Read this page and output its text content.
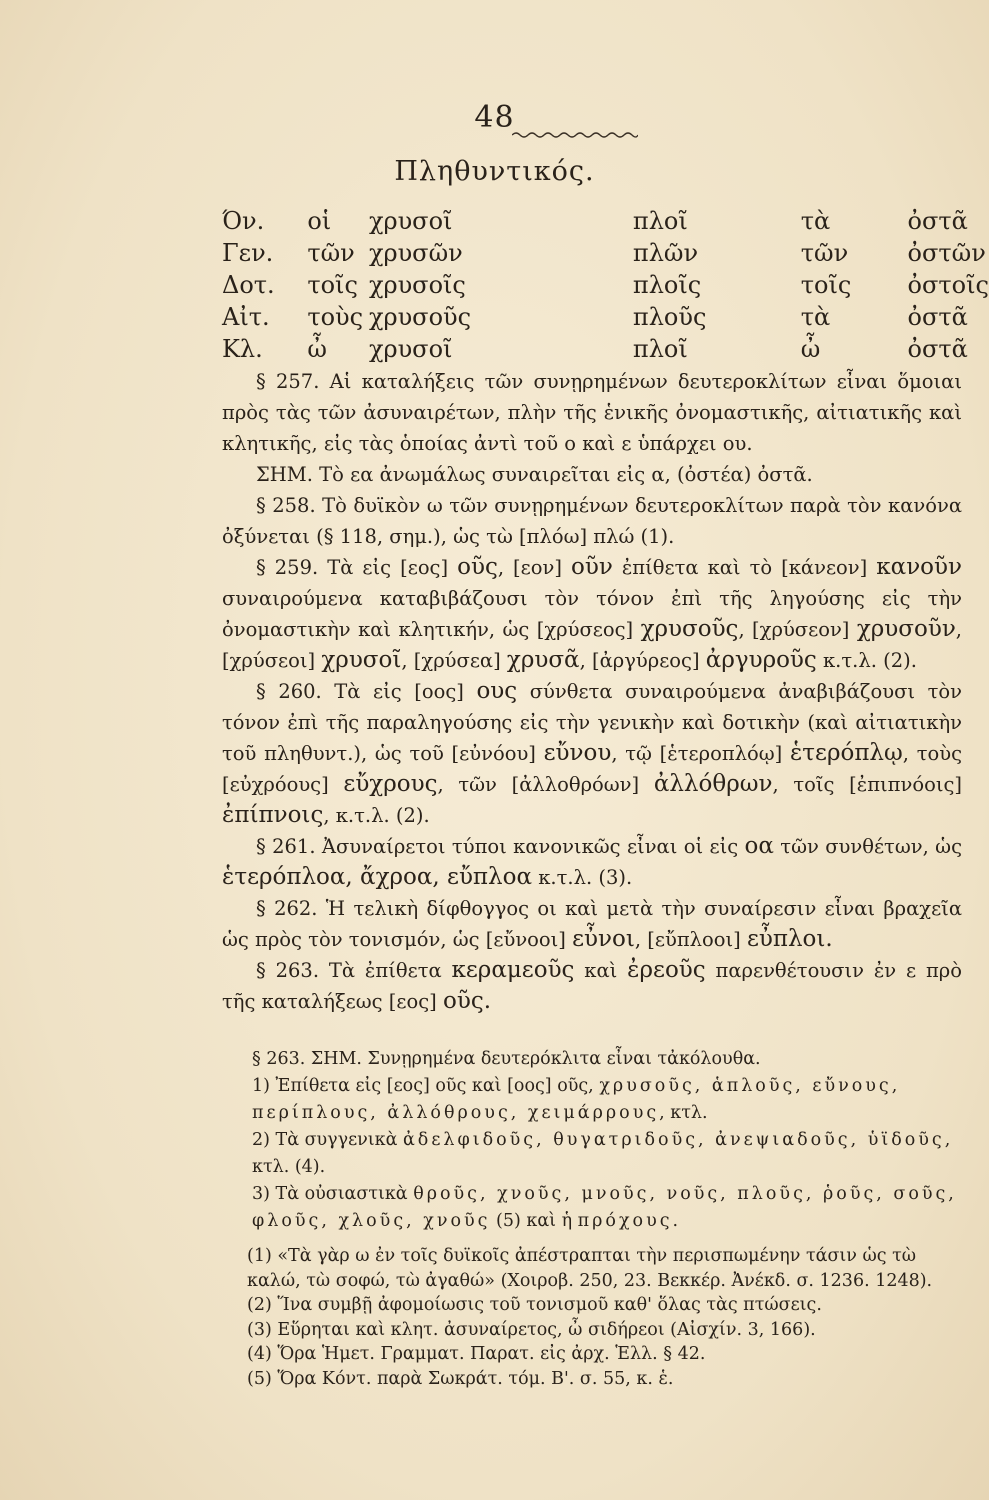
48
Πληθυντικός.
Όν.	οἱ	χρυσοῖ	πλοῖ	τὰ	ὀστᾶ
Γεν.	τῶν	χρυσῶν	πλῶν	τῶν	ὀστῶν
Δοτ.	τοῖς	χρυσοῖς	πλοῖς	τοῖς	ὀστοῖς
Αἰτ.	τοὺς	χρυσοῦς	πλοῦς	τὰ	ὀστᾶ
Κλ.	ὦ	χρυσοῖ	πλοῖ	ὦ	ὀστᾶ

§ 257. Αἱ καταλήξεις τῶν συνῃρημένων δευτεροκλίτων εἶναι ὅμοιαι πρὸς τὰς τῶν ἀσυναιρέτων, πλὴν τῆς ἑνικῆς ὀνομαστικῆς, αἰτιατικῆς καὶ κλητικῆς, εἰς τὰς ὁποίας ἀντὶ τοῦ ο καὶ ε ὑπάρχει ου.

ΣΗΜ. Τὸ εα ἀνωμάλως συναιρεῖται εἰς α, (ὀστέα) ὀστᾶ.

§ 258. Τὸ δυϊκὸν ω τῶν συνῃρημένων δευτεροκλίτων παρὰ τὸν κανόνα ὀξύνεται (§ 118, σημ.), ὡς τὼ [πλόω] πλώ (1).

§ 259. Τὰ εἰς [εος] οῦς, [εον] οῦν ἐπίθετα καὶ τὸ [κάνεον] κανοῦν συναιρούμενα καταβιβάζουσι τὸν τόνον ἐπὶ τῆς ληγούσης εἰς τὴν ὀνομαστικὴν καὶ κλητικήν, ὡς [χρύσεος] χρυσοῦς, [χρύσεον] χρυσοῦν, [χρύσεοι] χρυσοῖ, [χρύσεα] χρυσᾶ, [ἀργύρεος] ἀργυροῦς κ.τ.λ. (2).

§ 260. Τὰ εἰς [οος] ους σύνθετα συναιρούμενα ἀναβιβάζουσι τὸν τόνον ἐπὶ τῆς παραληγούσης εἰς τὴν γενικὴν καὶ δοτικὴν (καὶ αἰτιατικὴν τοῦ πληθυντ.), ὡς τοῦ [εὐνόου] εὔνου, τῷ [ἑτεροπλόῳ] ἑτερόπλῳ, τοὺς [εὐχρόους] εὔχρους, τῶν [ἀλλοθρόων] ἀλλόθρων, τοῖς [ἐπιπνόοις] ἐπίπνοις, κ.τ.λ. (2).

§ 261. Ἀσυναίρετοι τύποι κανονικῶς εἶναι οἱ εἰς οα τῶν συνθέτων, ὡς ἑτερόπλοα, ἄχροα, εὔπλοα κ.τ.λ. (3).

§ 262. Ἡ τελικὴ δίφθογγος οι καὶ μετὰ τὴν συναίρεσιν εἶναι βραχεῖα ὡς πρὸς τὸν τονισμόν, ὡς [εὔνοοι] εὖνοι, [εὔπλοοι] εὖπλοι.

§ 263. Τὰ ἐπίθετα κεραμεοῦς καὶ ἐρεοῦς παρενθέτουσιν ἐν ε πρὸ τῆς καταλήξεως [εος] οῦς.

§ 263. ΣΗΜ. Συνῃρημένα δευτερόκλιτα εἶναι τἀκόλουθα.

1) Ἐπίθετα εἰς [εος] οῦς καὶ [οος] οῦς, χρυσοῦς, ἁπλοῦς, εὔνους, περίπλους, ἀλλόθρους, χειμάρρους, κτλ.

2) Τὰ συγγενικὰ ἀδελφιδοῦς, θυγατριδοῦς, ἀνεψιαδοῦς, ὑϊδοῦς, κτλ. (4).

3) Τὰ οὐσιαστικὰ θροῦς, χνοῦς, μνοῦς, νοῦς, πλοῦς, ῥοῦς, σοῦς, φλοῦς, χλοῦς, χνοῦς (5) καὶ ἡ πρόχους.

(1) «Τὰ γὰρ ω ἐν τοῖς δυϊκοῖς ἀπέστραπται τὴν περισπωμένην τάσιν ὡς τὼ καλώ, τὼ σοφώ, τὼ ἀγαθώ» (Χοιροβ. 250, 23. Βεκκέρ. Ἀνέκδ. σ. 1236. 1248).

(2) Ἵνα συμβῇ ἀφομοίωσις τοῦ τονισμοῦ καθ' ὅλας τὰς πτώσεις.

(3) Εὕρηται καὶ κλητ. ἀσυναίρετος, ὦ σιδήρεοι (Αἰσχίν. 3, 166).

(4) Ὅρα Ἡμετ. Γραμματ. Παρατ. εἰς ἀρχ. Ἑλλ. § 42.

(5) Ὅρα Κόντ. παρὰ Σωκράτ. τόμ. Β'. σ. 55, κ. ἑ.
